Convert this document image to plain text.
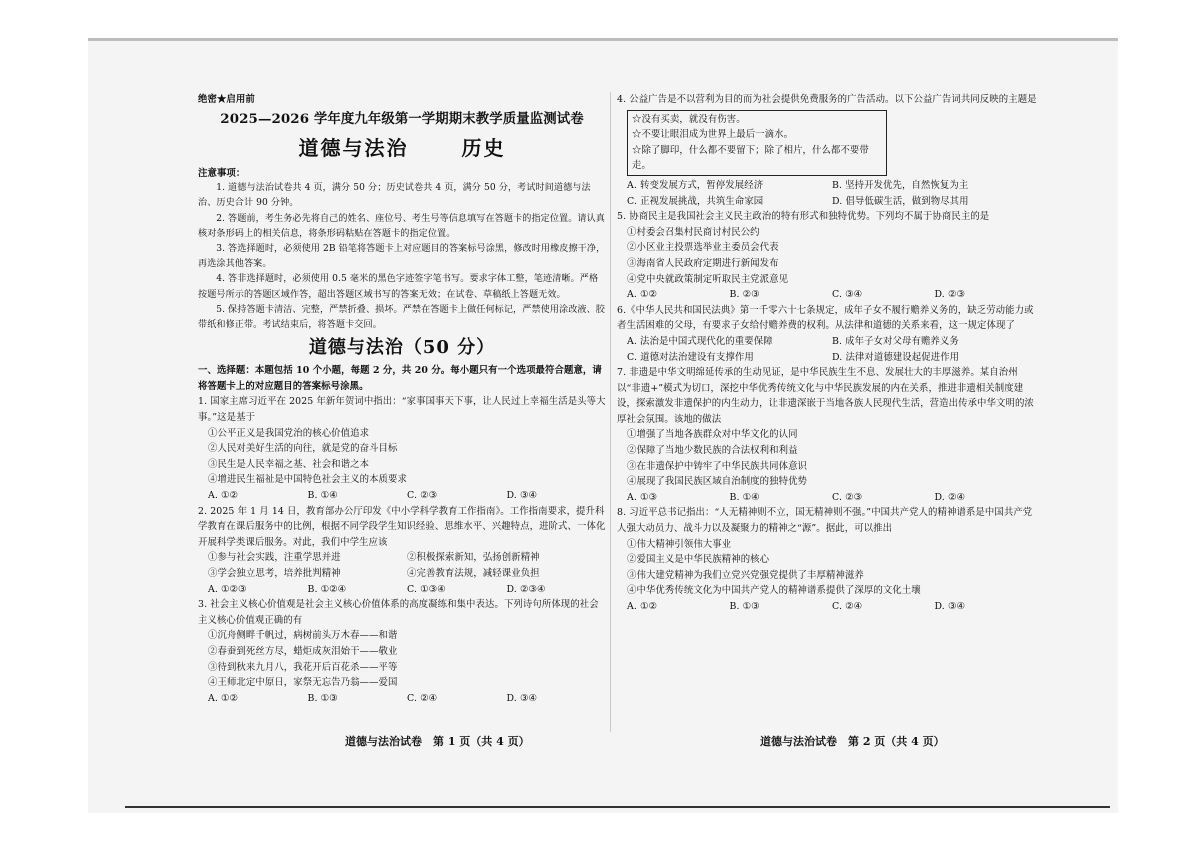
绝密★启用前

2025—2026 学年度九年级第一学期期末教学质量监测试卷

道德与法治	历史

注意事项：

1. 道德与法治试卷共 4 页，满分 50 分；历史试卷共 4 页，满分 50 分，考试时间道德与法治、历史合计 90 分钟。

2. 答题前，考生务必先将自己的姓名、座位号、考生号等信息填写在答题卡的指定位置。请认真核对条形码上的相关信息，将条形码粘贴在答题卡的指定位置。

3. 答选择题时，必须使用 2B 铅笔将答题卡上对应题目的答案标号涂黑，修改时用橡皮擦干净，再选涂其他答案。

4. 答非选择题时，必须使用 0.5 毫米的黑色字迹签字笔书写。要求字体工整，笔迹清晰。严格按题号所示的答题区域作答，超出答题区域书写的答案无效；在试卷、草稿纸上答题无效。

5. 保持答题卡清洁、完整，严禁折叠、损坏。严禁在答题卡上做任何标记，严禁使用涂改液、胶带纸和修正带。考试结束后，将答题卡交回。

道德与法治（50 分）

一、选择题：本题包括 10 个小题，每题 2 分，共 20 分。每小题只有一个选项最符合题意，请将答题卡上的对应题目的答案标号涂黑。

1. 国家主席习近平在 2025 年新年贺词中指出：“家事国事天下事，让人民过上幸福生活是头等大事。”这是基于

①公平正义是我国党治的核心价值追求

②人民对美好生活的向往，就是党的奋斗目标

③民生是人民幸福之基、社会和谐之本

④增进民生福祉是中国特色社会主义的本质要求

A. ①②	B. ①④	C. ②③	D. ③④

2. 2025 年 1 月 14 日，教育部办公厅印发《中小学科学教育工作指南》。工作指南要求，提升科学教育在课后服务中的比例，根据不同学段学生知识经验、思维水平、兴趣特点，进阶式、一体化开展科学类课后服务。对此，我们中学生应该

①参与社会实践，注重学思并进	②积极探索新知，弘扬创新精神
③学会独立思考，培养批判精神	④完善教育法规，减轻课业负担
A. ①②③	B. ①②④	C. ①③④	D. ②③④

3. 社会主义核心价值观是社会主义核心价值体系的高度凝练和集中表达。下列诗句所体现的社会主义核心价值观正确的有

①沉舟侧畔千帆过，病树前头万木春——和谐

②春蚕到死丝方尽，蜡炬成灰泪始干——敬业

③待到秋来九月八，我花开后百花杀——平等

④王师北定中原日，家祭无忘告乃翁——爱国

A. ①②	B. ①③	C. ②④	D. ③④

4. 公益广告是不以营利为目的而为社会提供免费服务的广告活动。以下公益广告词共同反映的主题是

☆没有买卖，就没有伤害。

☆不要让眼泪成为世界上最后一滴水。

☆除了脚印，什么都不要留下；除了相片，什么都不要带走。

A. 转变发展方式，暂停发展经济	B. 坚持开发优先，自然恢复为主
C. 正视发展挑战，共筑生命家园	D. 倡导低碳生活，做到物尽其用

5. 协商民主是我国社会主义民主政治的特有形式和独特优势。下列均不属于协商民主的是

①村委会召集村民商讨村民公约

②小区业主投票选举业主委员会代表

③海南省人民政府定期进行新闻发布

④党中央就政策制定听取民主党派意见

A. ①②	B. ②③	C. ③④	D. ②③

6.《中华人民共和国民法典》第一千零六十七条规定，成年子女不履行赡养义务的，缺乏劳动能力或者生活困难的父母，有要求子女给付赡养费的权利。从法律和道德的关系来看，这一规定体现了

A. 法治是中国式现代化的重要保障	B. 成年子女对父母有赡养义务
C. 道德对法治建设有支撑作用	D. 法律对道德建设起促进作用

7. 非遗是中华文明绵延传承的生动见证，是中华民族生生不息、发展壮大的丰厚滋养。某自治州以“非遗+”模式为切口，深挖中华优秀传统文化与中华民族发展的内在关系，推进非遗相关制度建设，探索激发非遗保护的内生动力，让非遗深嵌于当地各族人民现代生活，营造出传承中华文明的浓厚社会氛围。该地的做法

①增强了当地各族群众对中华文化的认同

②保障了当地少数民族的合法权利和利益

③在非遗保护中铸牢了中华民族共同体意识

④展现了我国民族区域自治制度的独特优势

A. ①③	B. ①④	C. ②③	D. ②④

8. 习近平总书记指出：“人无精神则不立，国无精神则不强。”中国共产党人的精神谱系是中国共产党人强大动员力、战斗力以及凝聚力的精神之“源”。据此，可以推出

①伟大精神引领伟大事业

②爱国主义是中华民族精神的核心

③伟大建党精神为我们立党兴党强党提供了丰厚精神滋养

④中华优秀传统文化为中国共产党人的精神谱系提供了深厚的文化土壤

A. ①②	B. ①③	C. ②④	D. ③④
道德与法治试卷　第 1 页（共 4 页）	道德与法治试卷　第 2 页（共 4 页）
